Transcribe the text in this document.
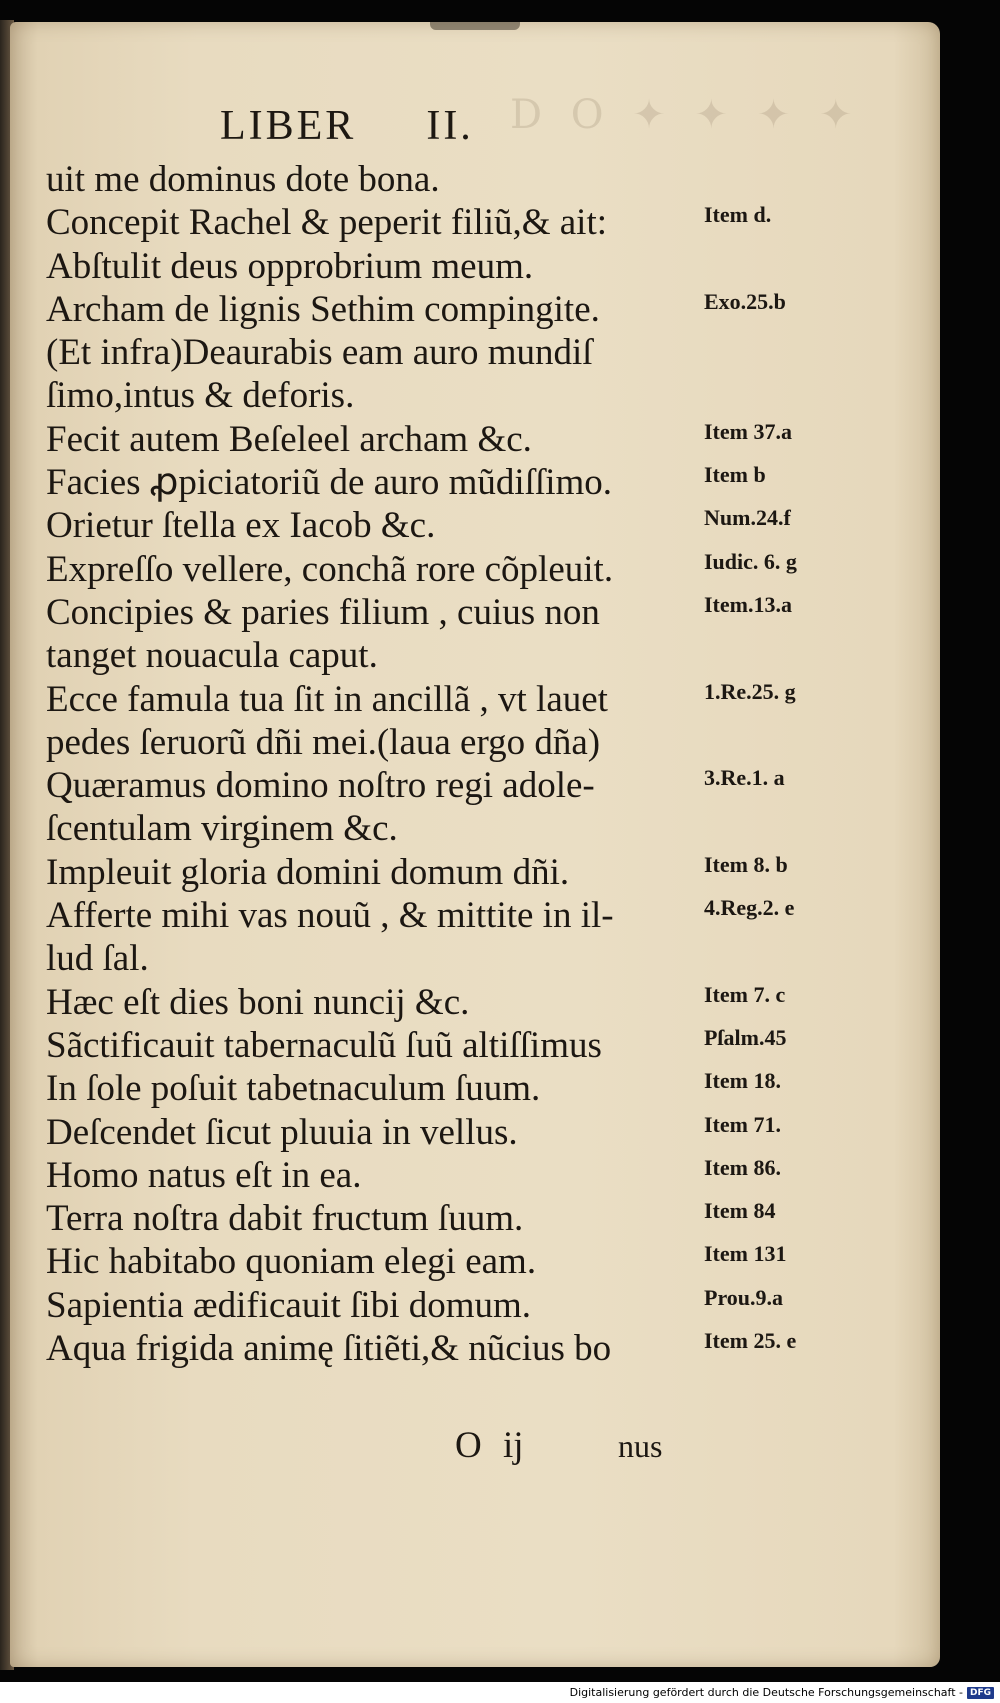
D O ✦ ✦ ✦ ✦
LIBER II.
uit me dominus dote bona.
Concepit Rachel & peperit filiũ,& ait:
Abſtulit deus opprobrium meum.
Archam de lignis Sethim compingite.
(Et infra)Deaurabis eam auro mundiſ
ſimo,intus & deforis.
Fecit autem Beſeleel archam &c.
Facies ꝓpiciatoriũ de auro mũdiſſimo.
Orietur ſtella ex Iacob &c.
Expreſſo vellere, conchã rore cõpleuit.
Concipies & paries filium , cuius non
tanget nouacula caput.
Ecce famula tua ſit in ancillã , vt lauet
pedes ſeruorũ dñi mei.(laua ergo dña)
Quæramus domino noſtro regi adole-
ſcentulam virginem &c.
Impleuit gloria domini domum dñi.
Afferte mihi vas nouũ , & mittite in il-
lud ſal.
Hæc eſt dies boni nuncij &c.
Sãctificauit tabernaculũ ſuũ altiſſimus
In ſole poſuit tabetnaculum ſuum.
Deſcendet ſicut pluuia in vellus.
Homo natus eſt in ea.
Terra noſtra dabit fructum ſuum.
Hic habitabo quoniam elegi eam.
Sapientia ædificauit ſibi domum.
Aqua frigida animę ſitiẽti,& nũcius bo
Item d.
Exo.25.b
Item 37.a
Item b
Num.24.f
Iudic. 6. g
Item.13.a
1.Re.25. g
3.Re.1. a
Item 8. b
4.Reg.2. e
Item 7. c
Pſalm.45
Item 18.
Item 71.
Item 86.
Item 84
Item 131
Prou.9.a
Item 25. e
O ij	nus
Digitalisierung gefördert durch die Deutsche Forschungsgemeinschaft - DFG
